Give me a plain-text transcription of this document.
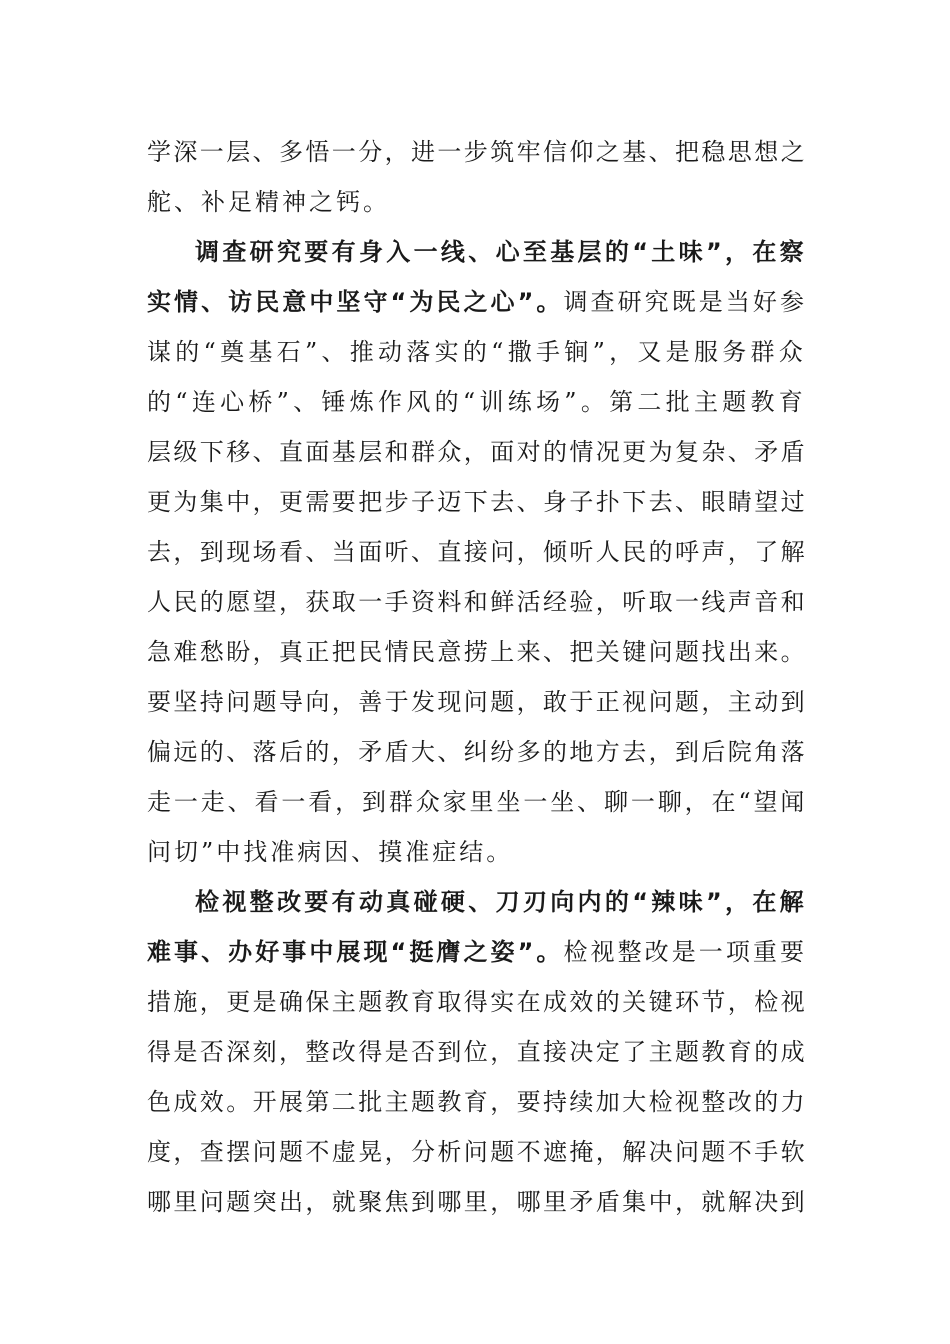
学深一层、多悟一分，进一步筑牢信仰之基、把稳思想之
舵、补足精神之钙。
调查研究要有身入一线、心至基层的“土味”，在察
实情、访民意中坚守“为民之心”。调查研究既是当好参
谋的“奠基石”、推动落实的“撒手锏”，又是服务群众
的“连心桥”、锤炼作风的“训练场”。第二批主题教育
层级下移、直面基层和群众，面对的情况更为复杂、矛盾
更为集中，更需要把步子迈下去、身子扑下去、眼睛望过
去，到现场看、当面听、直接问，倾听人民的呼声，了解
人民的愿望，获取一手资料和鲜活经验，听取一线声音和
急难愁盼，真正把民情民意捞上来、把关键问题找出来。
要坚持问题导向，善于发现问题，敢于正视问题，主动到
偏远的、落后的，矛盾大、纠纷多的地方去，到后院角落
走一走、看一看，到群众家里坐一坐、聊一聊，在“望闻
问切”中找准病因、摸准症结。
检视整改要有动真碰硬、刀刃向内的“辣味”，在解
难事、办好事中展现“挺膺之姿”。检视整改是一项重要
措施，更是确保主题教育取得实在成效的关键环节，检视
得是否深刻，整改得是否到位，直接决定了主题教育的成
色成效。开展第二批主题教育，要持续加大检视整改的力
度，查摆问题不虚晃，分析问题不遮掩，解决问题不手软
哪里问题突出，就聚焦到哪里，哪里矛盾集中，就解决到
